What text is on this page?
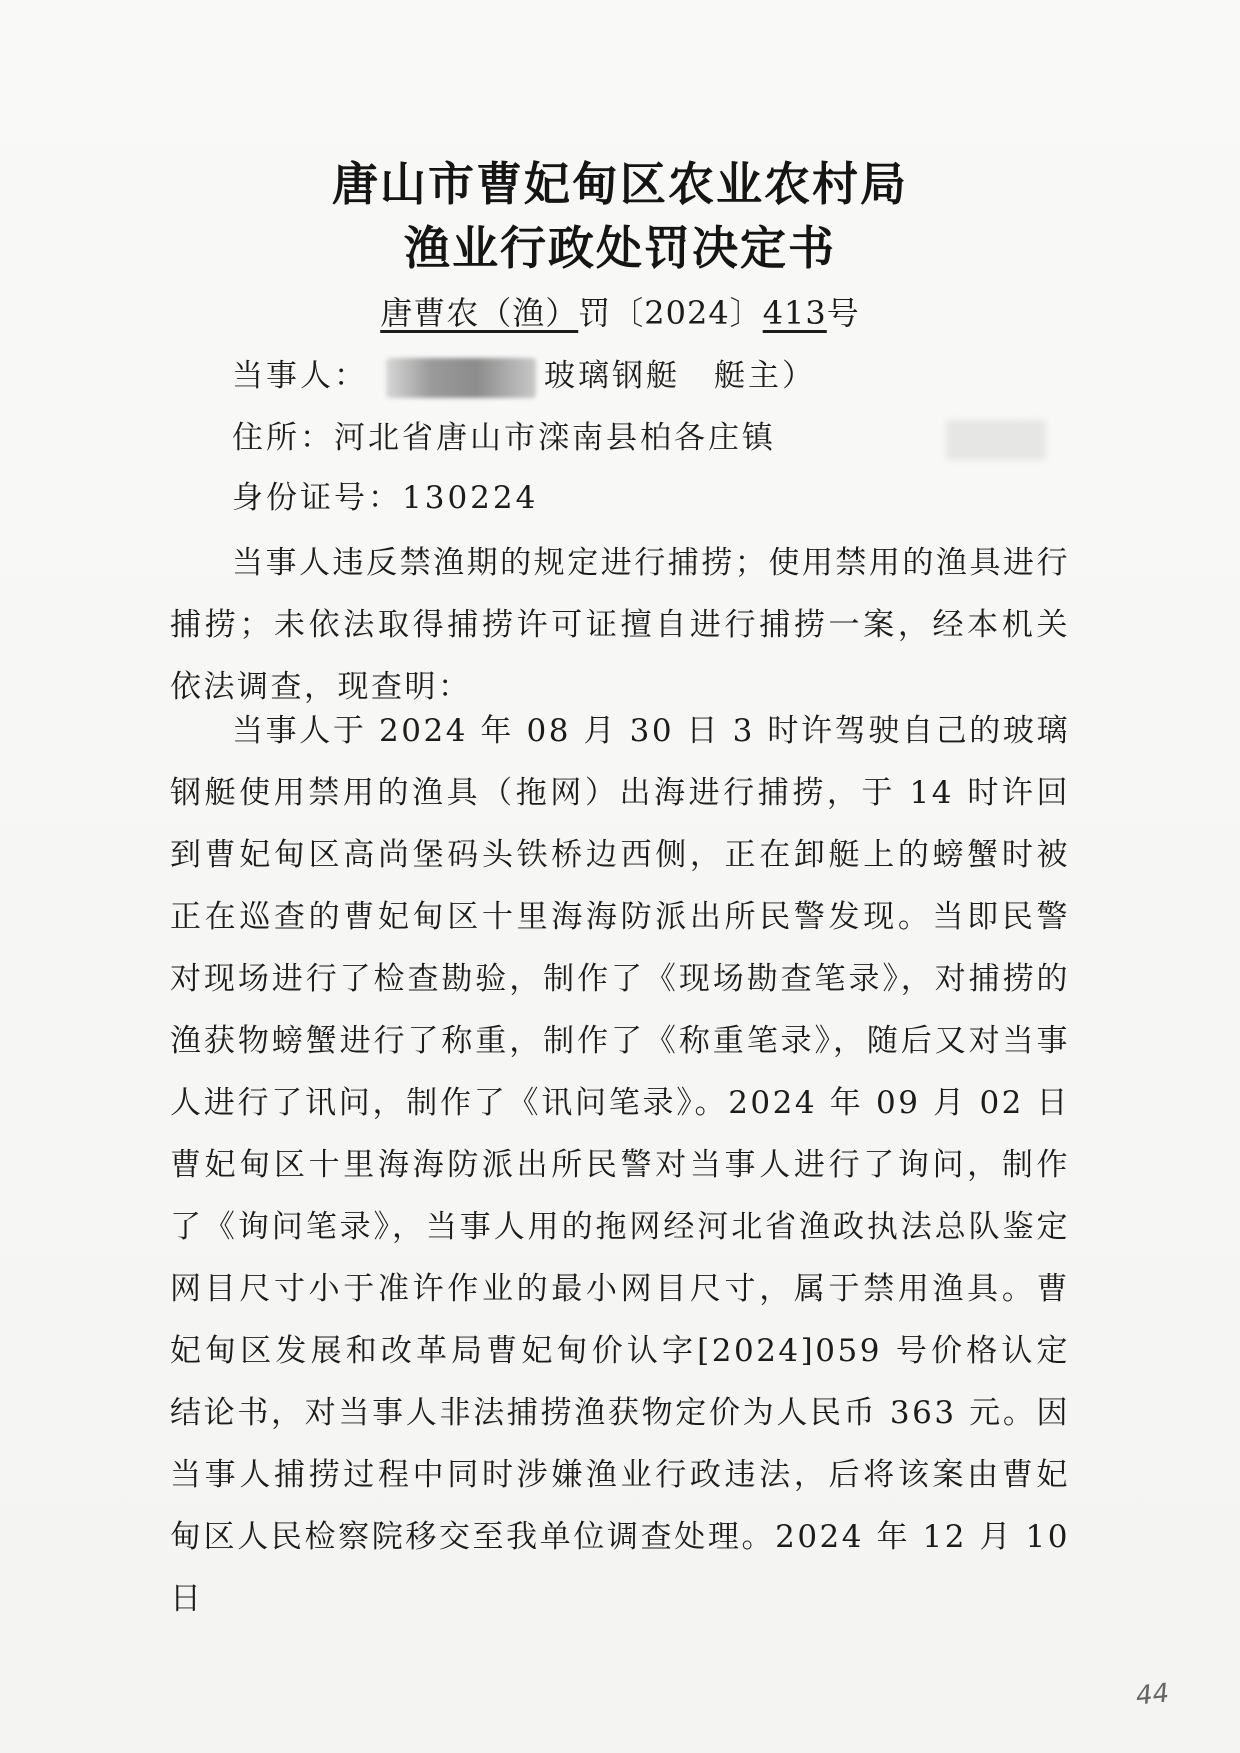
唐山市曹妃甸区农业农村局
渔业行政处罚决定书
唐曹农（渔）罚〔2024〕413号
当事人：	玻璃钢艇 艇主）
住所：河北省唐山市滦南县柏各庄镇
身份证号：130224

当事人违反禁渔期的规定进行捕捞；使用禁用的渔具进行捕捞；未依法取得捕捞许可证擅自进行捕捞一案，经本机关依法调查，现查明：

当事人于 2024 年 08 月 30 日 3 时许驾驶自己的玻璃钢艇使用禁用的渔具（拖网）出海进行捕捞，于 14 时许回到曹妃甸区高尚堡码头铁桥边西侧，正在卸艇上的螃蟹时被正在巡查的曹妃甸区十里海海防派出所民警发现。当即民警对现场进行了检查勘验，制作了《现场勘查笔录》，对捕捞的渔获物螃蟹进行了称重，制作了《称重笔录》，随后又对当事人进行了讯问，制作了《讯问笔录》。2024 年 09 月 02 日曹妃甸区十里海海防派出所民警对当事人进行了询问，制作了《询问笔录》，当事人用的拖网经河北省渔政执法总队鉴定网目尺寸小于准许作业的最小网目尺寸，属于禁用渔具。曹妃甸区发展和改革局曹妃甸价认字[2024]059 号价格认定结论书，对当事人非法捕捞渔获物定价为人民币 363 元。因当事人捕捞过程中同时涉嫌渔业行政违法，后将该案由曹妃甸区人民检察院移交至我单位调查处理。2024 年 12 月 10 日

44
